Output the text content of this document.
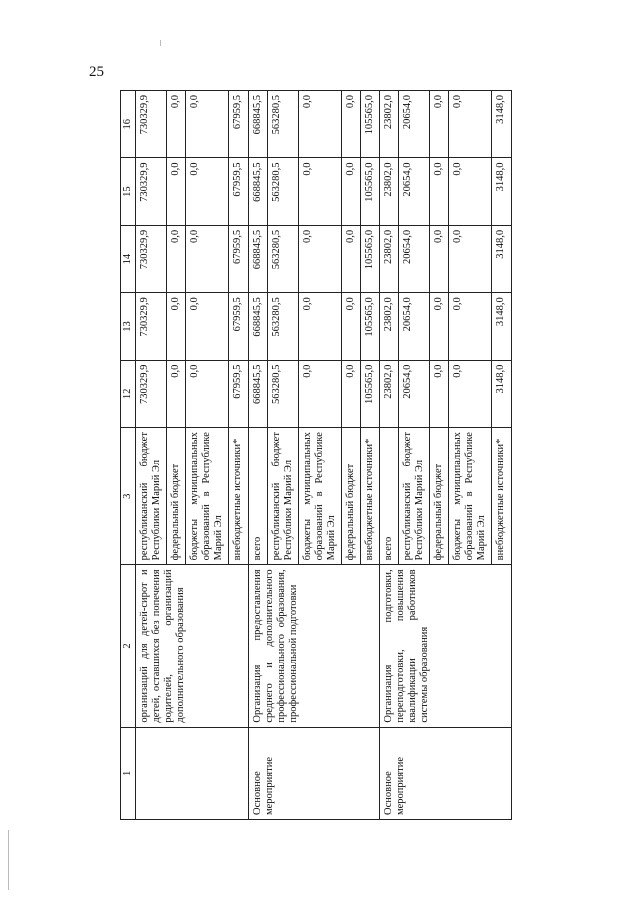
25
1	2	3	12	13	14	15	16
	организаций для детей-сирот и детей, оставшихся без попечения родителей, организаций дополнительного образования	республиканский бюджет Республики Марий Эл	730329,9	730329,9	730329,9	730329,9	730329,9
		федеральный бюджет	0,0	0,0	0,0	0,0	0,0
		бюджеты муниципальных образований в Республике Марий Эл	0,0	0,0	0,0	0,0	0,0
		внебюджетные источники*	67959,5	67959,5	67959,5	67959,5	67959,5
Основное мероприятие	Организация предоставления среднего и дополнительного профессионального образования, профессиональной подготовки	всего	668845,5	668845,5	668845,5	668845,5	668845,5
		республиканский бюджет Республики Марий Эл	563280,5	563280,5	563280,5	563280,5	563280,5
		бюджеты муниципальных образований в Республике Марий Эл	0,0	0,0	0,0	0,0	0,0
		федеральный бюджет	0,0	0,0	0,0	0,0	0,0
		внебюджетные источники*	105565,0	105565,0	105565,0	105565,0	105565,0
Основное мероприятие	Организация подготовки, переподготовки, повышения квалификации работников системы образования	всего	23802,0	23802,0	23802,0	23802,0	23802,0
		республиканский бюджет Республики Марий Эл	20654,0	20654,0	20654,0	20654,0	20654,0
		федеральный бюджет	0,0	0,0	0,0	0,0	0,0
		бюджеты муниципальных образований в Республике Марий Эл	0,0	0,0	0,0	0,0	0,0
		внебюджетные источники*	3148,0	3148,0	3148,0	3148,0	3148,0
